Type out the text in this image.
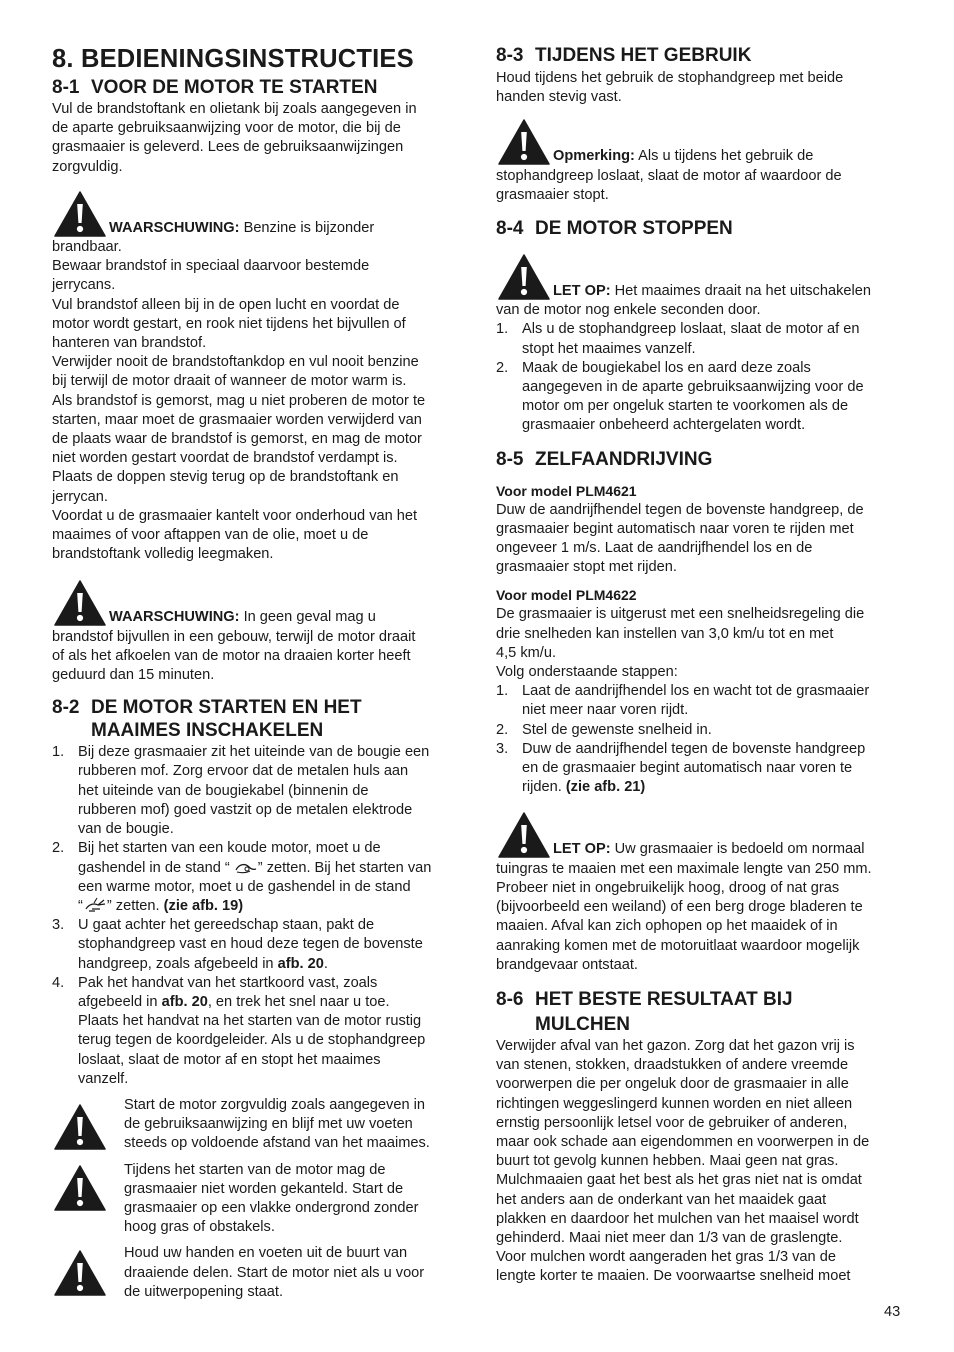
8. BEDIENINGSINSTRUCTIES
8-1 VOOR DE MOTOR TE STARTEN

Vul de brandstoftank en olietank bij zoals aangegeven in
de aparte gebruiksaanwijzing voor de motor, die bij de
grasmaaier is geleverd. Lees de gebruiksaanwijzingen
zorgvuldig.

WAARSCHUWING: Benzine is bijzonder

brandbaar.
Bewaar brandstof in speciaal daarvoor bestemde
jerrycans.
Vul brandstof alleen bij in de open lucht en voordat de
motor wordt gestart, en rook niet tijdens het bijvullen of
hanteren van brandstof.
Verwijder nooit de brandstoftankdop en vul nooit benzine
bij terwijl de motor draait of wanneer de motor warm is.
Als brandstof is gemorst, mag u niet proberen de motor te
starten, maar moet de grasmaaier worden verwijderd van
de plaats waar de brandstof is gemorst, en mag de motor
niet worden gestart voordat de brandstof verdampt is.
Plaats de doppen stevig terug op de brandstoftank en
jerrycan.
Voordat u de grasmaaier kantelt voor onderhoud van het
maaimes of voor aftappen van de olie, moet u de
brandstoftank volledig leegmaken.

WAARSCHUWING: In geen geval mag u

brandstof bijvullen in een gebouw, terwijl de motor draait
of als het afkoelen van de motor na draaien korter heeft
geduurd dan 15 minuten.

8-2 DE MOTOR STARTEN EN HET
MAAIMES INSCHAKELEN
1. Bij deze grasmaaier zit het uiteinde van de bougie een
rubberen mof. Zorg ervoor dat de metalen huls aan
het uiteinde van de bougiekabel (binnenin de
rubberen mof) goed vastzit op de metalen elektrode
van de bougie.
2. Bij het starten van een koude motor, moet u de
gashendel in de stand “ ” zetten. Bij het starten van
een warme motor, moet u de gashendel in de stand
“ ” zetten. (zie afb. 19)
3. U gaat achter het gereedschap staan, pakt de
stophandgreep vast en houd deze tegen de bovenste
handgreep, zoals afgebeeld in afb. 20.
4. Pak het handvat van het startkoord vast, zoals
afgebeeld in afb. 20, en trek het snel naar u toe.
Plaats het handvat na het starten van de motor rustig
terug tegen de koordgeleider. Als u de stophandgreep
loslaat, slaat de motor af en stopt het maaimes
vanzelf.

Start de motor zorgvuldig zoals aangegeven in
de gebruiksaanwijzing en blijf met uw voeten
steeds op voldoende afstand van het maaimes.

Tijdens het starten van de motor mag de
grasmaaier niet worden gekanteld. Start de
grasmaaier op een vlakke ondergrond zonder
hoog gras of obstakels.

Houd uw handen en voeten uit de buurt van
draaiende delen. Start de motor niet als u voor
de uitwerpopening staat.

8-3 TIJDENS HET GEBRUIK

Houd tijdens het gebruik de stophandgreep met beide
handen stevig vast.

Opmerking: Als u tijdens het gebruik de

stophandgreep loslaat, slaat de motor af waardoor de
grasmaaier stopt.

8-4 DE MOTOR STOPPEN

LET OP: Het maaimes draait na het uitschakelen

van de motor nog enkele seconden door.

1. Als u de stophandgreep loslaat, slaat de motor af en
stopt het maaimes vanzelf.
2. Maak de bougiekabel los en aard deze zoals
aangegeven in de aparte gebruiksaanwijzing voor de
motor om per ongeluk starten te voorkomen als de
grasmaaier onbeheerd achtergelaten wordt.
8-5 ZELFAANDRIJVING

Voor model PLM4621

Duw de aandrijfhendel tegen de bovenste handgreep, de
grasmaaier begint automatisch naar voren te rijden met
ongeveer 1 m/s. Laat de aandrijfhendel los en de
grasmaaier stopt met rijden.

Voor model PLM4622

De grasmaaier is uitgerust met een snelheidsregeling die
drie snelheden kan instellen van 3,0 km/u tot en met
4,5 km/u.
Volg onderstaande stappen:

1. Laat de aandrijfhendel los en wacht tot de grasmaaier
niet meer naar voren rijdt.
2. Stel de gewenste snelheid in.
3. Duw de aandrijfhendel tegen de bovenste handgreep
en de grasmaaier begint automatisch naar voren te
rijden. (zie afb. 21)

LET OP: Uw grasmaaier is bedoeld om normaal

tuingras te maaien met een maximale lengte van 250 mm.
Probeer niet in ongebruikelijk hoog, droog of nat gras
(bijvoorbeeld een weiland) of een berg droge bladeren te
maaien. Afval kan zich ophopen op het maaidek of in
aanraking komen met de motoruitlaat waardoor mogelijk
brandgevaar ontstaat.

8-6 HET BESTE RESULTAAT BIJ
MULCHEN

Verwijder afval van het gazon. Zorg dat het gazon vrij is
van stenen, stokken, draadstukken of andere vreemde
voorwerpen die per ongeluk door de grasmaaier in alle
richtingen weggeslingerd kunnen worden en niet alleen
ernstig persoonlijk letsel voor de gebruiker of anderen,
maar ook schade aan eigendommen en voorwerpen in de
buurt tot gevolg kunnen hebben. Maai geen nat gras.
Mulchmaaien gaat het best als het gras niet nat is omdat
het anders aan de onderkant van het maaidek gaat
plakken en daardoor het mulchen van het maaisel wordt
gehinderd. Maai niet meer dan 1/3 van de graslengte.
Voor mulchen wordt aangeraden het gras 1/3 van de
lengte korter te maaien. De voorwaartse snelheid moet

43
